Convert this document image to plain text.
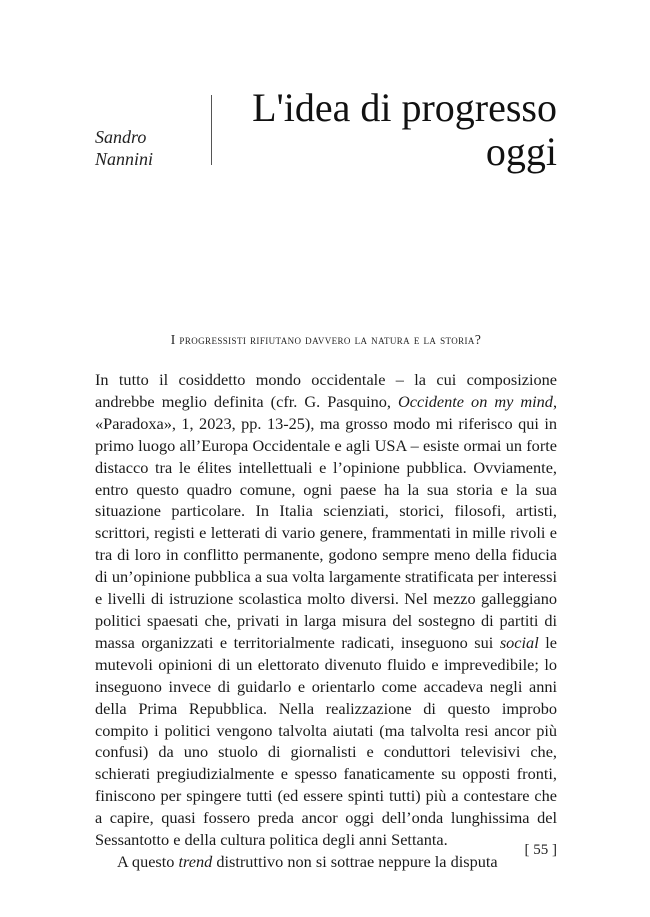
Sandro
Nannini
L'idea di progresso
oggi
I progressisti rifiutano davvero la natura e la storia?

In tutto il cosiddetto mondo occidentale – la cui composizione andrebbe meglio definita (cfr. G. Pasquino, Occidente on my mind, «Paradoxa», 1, 2023, pp. 13-25), ma grosso modo mi riferisco qui in primo luogo all’Europa Occidentale e agli USA – esiste ormai un forte distacco tra le élites intellettuali e l’opinione pubblica. Ovviamente, entro questo quadro comune, ogni paese ha la sua storia e la sua situazione particolare. In Italia scienziati, storici, filosofi, artisti, scrittori, registi e letterati di vario genere, frammentati in mille rivoli e tra di loro in conflitto permanente, godono sempre meno della fiducia di un’opinione pubblica a sua volta largamente stratificata per interessi e livelli di istruzione scolastica molto diversi. Nel mezzo galleggiano politici spaesati che, privati in larga misura del sostegno di partiti di massa organizzati e territorialmente radicati, inseguono sui social le mutevoli opinioni di un elettorato divenuto fluido e imprevedibile; lo inseguono invece di guidarlo e orientarlo come accadeva negli anni della Prima Repubblica. Nella realizzazione di questo improbo compito i politici vengono talvolta aiutati (ma talvolta resi ancor più confusi) da uno stuolo di giornalisti e conduttori televisivi che, schierati pregiudizialmente e spesso fanaticamente su opposti fronti, finiscono per spingere tutti (ed essere spinti tutti) più a contestare che a capire, quasi fossero preda ancor oggi dell’onda lunghissima del Sessantotto e della cultura politica degli anni Settanta.

A questo trend distruttivo non si sottrae neppure la disputa

[ 55 ]
